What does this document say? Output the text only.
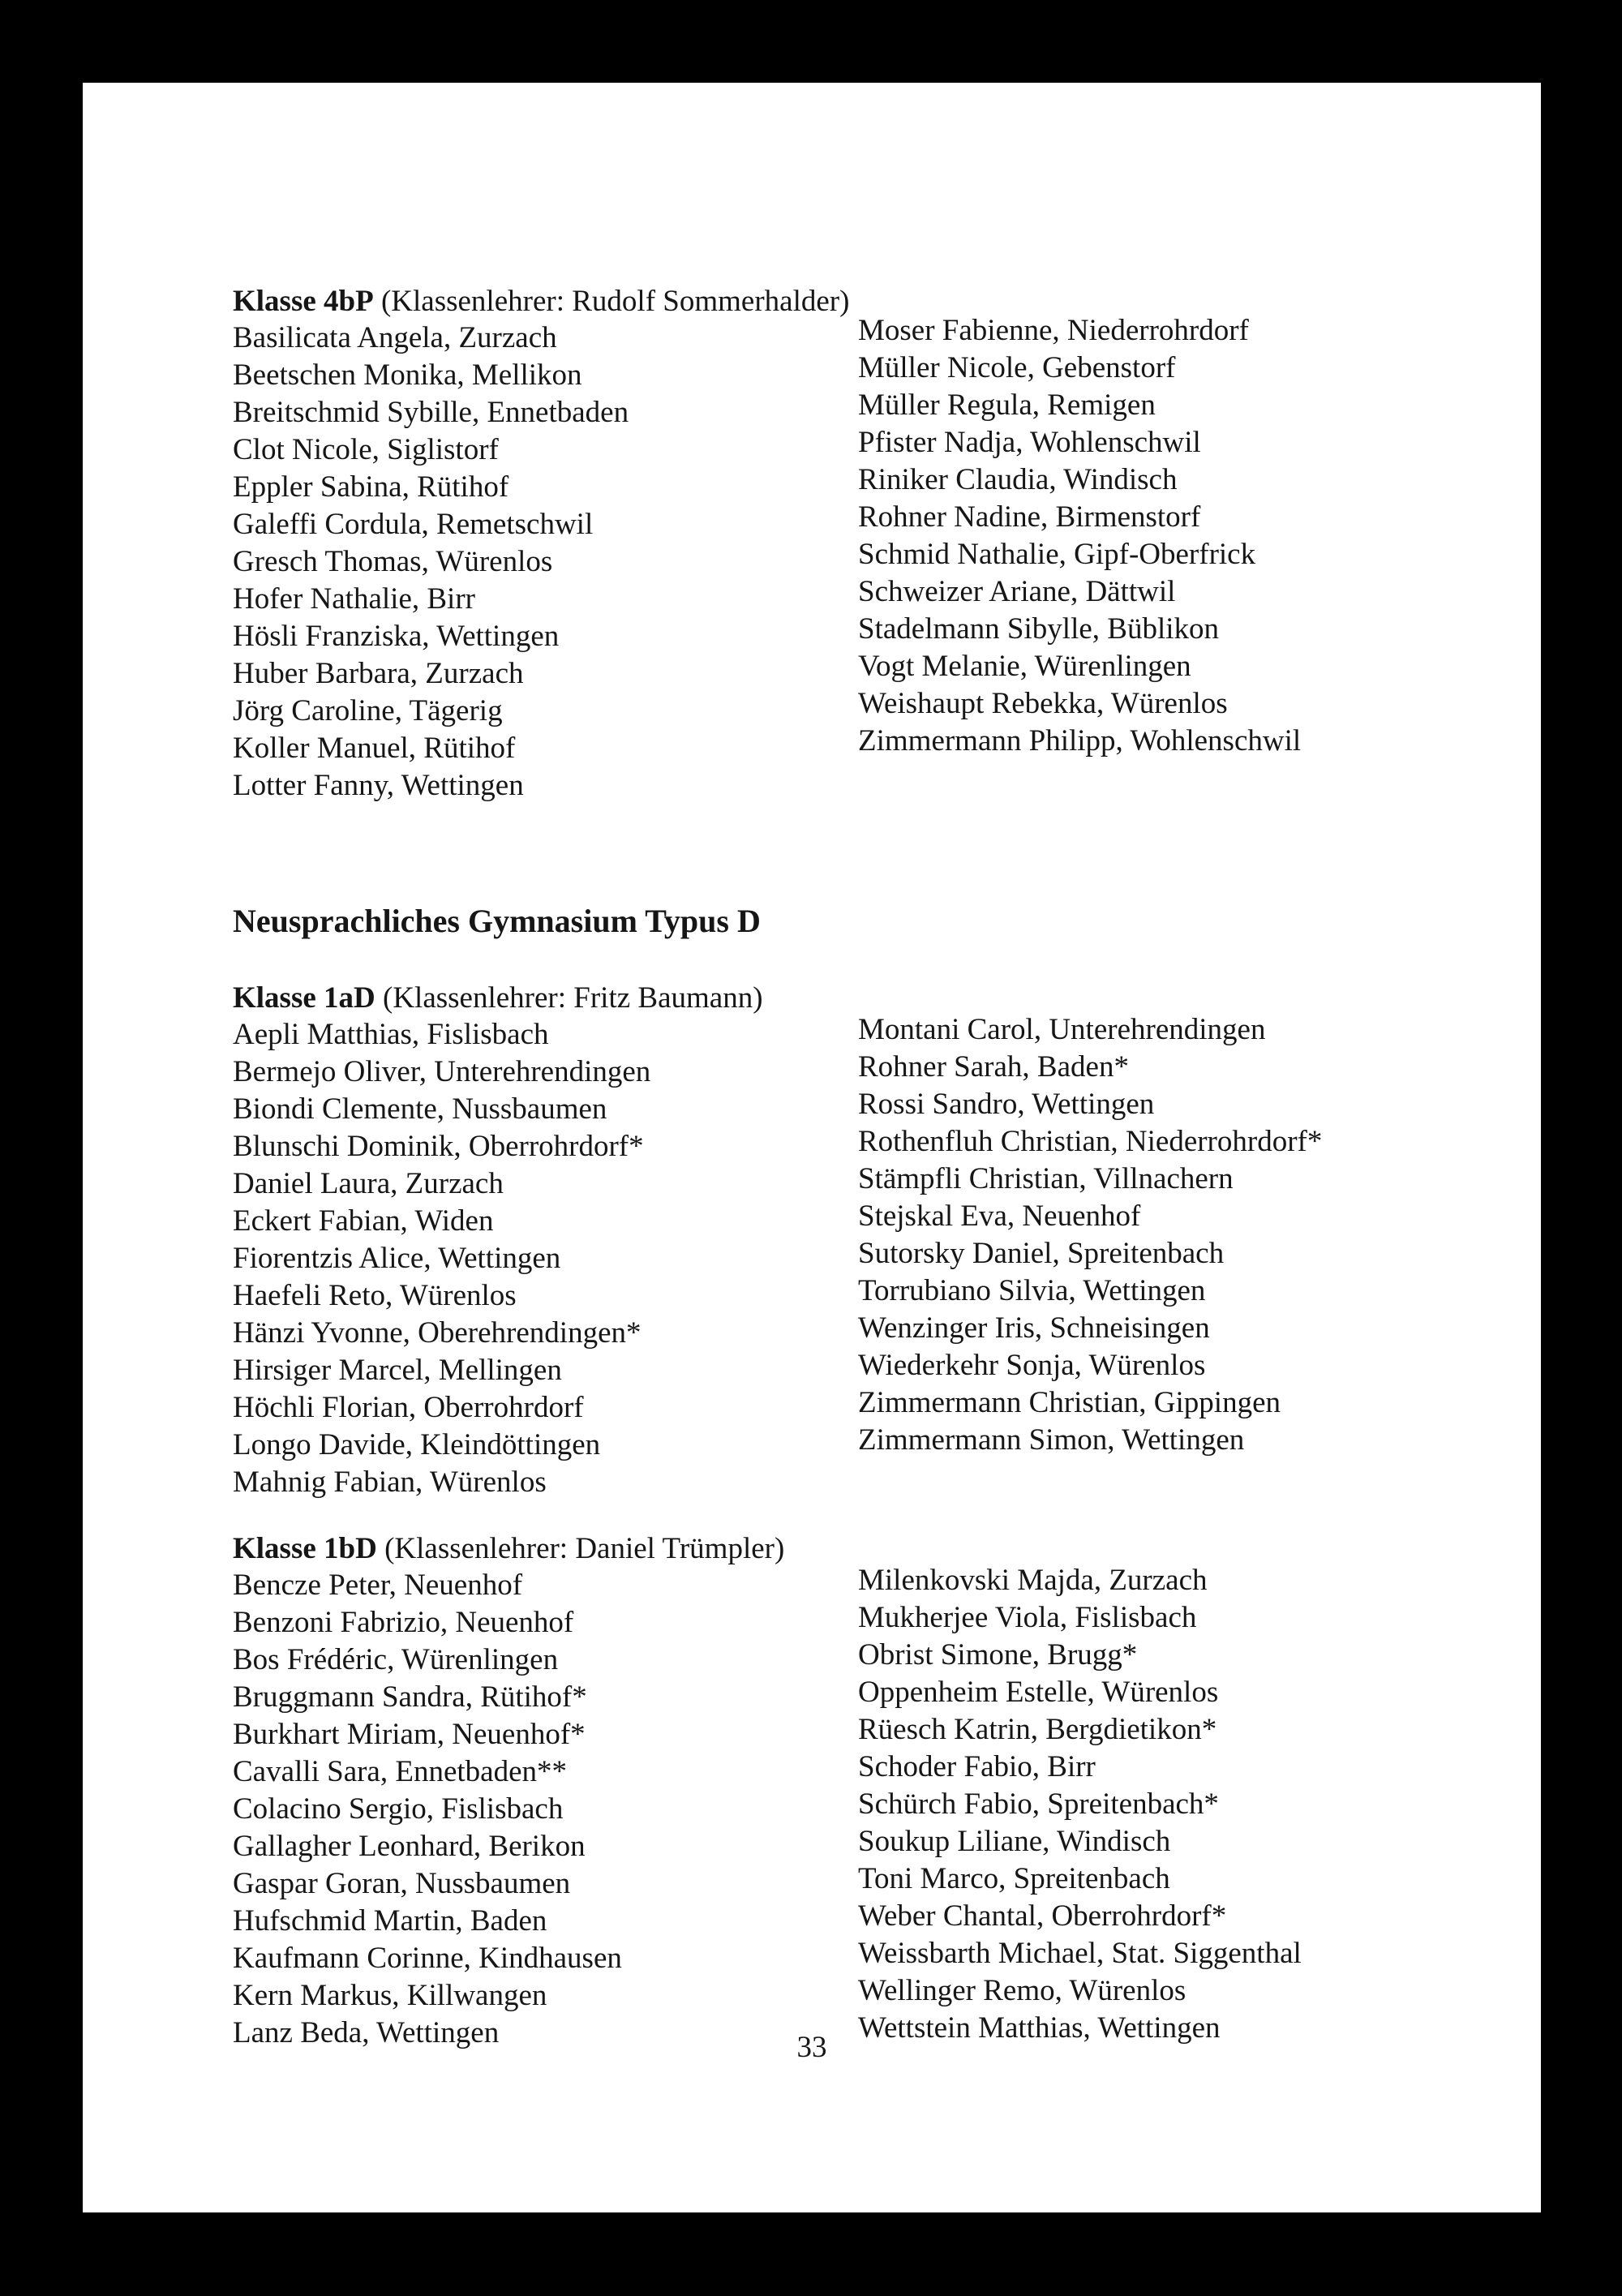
Klasse 4bP (Klassenlehrer: Rudolf Sommerhalder)
Basilicata Angela, Zurzach
Beetschen Monika, Mellikon
Breitschmid Sybille, Ennetbaden
Clot Nicole, Siglistorf
Eppler Sabina, Rütihof
Galeffi Cordula, Remetschwil
Gresch Thomas, Würenlos
Hofer Nathalie, Birr
Hösli Franziska, Wettingen
Huber Barbara, Zurzach
Jörg Caroline, Tägerig
Koller Manuel, Rütihof
Lotter Fanny, Wettingen
Moser Fabienne, Niederrohrdorf
Müller Nicole, Gebenstorf
Müller Regula, Remigen
Pfister Nadja, Wohlenschwil
Riniker Claudia, Windisch
Rohner Nadine, Birmenstorf
Schmid Nathalie, Gipf-Oberfrick
Schweizer Ariane, Dättwil
Stadelmann Sibylle, Büblikon
Vogt Melanie, Würenlingen
Weishaupt Rebekka, Würenlos
Zimmermann Philipp, Wohlenschwil
Neusprachliches Gymnasium Typus D
Klasse 1aD (Klassenlehrer: Fritz Baumann)
Aepli Matthias, Fislisbach
Bermejo Oliver, Unterehrendingen
Biondi Clemente, Nussbaumen
Blunschi Dominik, Oberrohrdorf*
Daniel Laura, Zurzach
Eckert Fabian, Widen
Fiorentzis Alice, Wettingen
Haefeli Reto, Würenlos
Hänzi Yvonne, Oberehrendingen*
Hirsiger Marcel, Mellingen
Höchli Florian, Oberrohrdorf
Longo Davide, Kleindöttingen
Mahnig Fabian, Würenlos
Montani Carol, Unterehrendingen
Rohner Sarah, Baden*
Rossi Sandro, Wettingen
Rothenfluh Christian, Niederrohrdorf*
Stämpfli Christian, Villnachern
Stejskal Eva, Neuenhof
Sutorsky Daniel, Spreitenbach
Torrubiano Silvia, Wettingen
Wenzinger Iris, Schneisingen
Wiederkehr Sonja, Würenlos
Zimmermann Christian, Gippingen
Zimmermann Simon, Wettingen
Klasse 1bD (Klassenlehrer: Daniel Trümpler)
Bencze Peter, Neuenhof
Benzoni Fabrizio, Neuenhof
Bos Frédéric, Würenlingen
Bruggmann Sandra, Rütihof*
Burkhart Miriam, Neuenhof*
Cavalli Sara, Ennetbaden**
Colacino Sergio, Fislisbach
Gallagher Leonhard, Berikon
Gaspar Goran, Nussbaumen
Hufschmid Martin, Baden
Kaufmann Corinne, Kindhausen
Kern Markus, Killwangen
Lanz Beda, Wettingen
Milenkovski Majda, Zurzach
Mukherjee Viola, Fislisbach
Obrist Simone, Brugg*
Oppenheim Estelle, Würenlos
Rüesch Katrin, Bergdietikon*
Schoder Fabio, Birr
Schürch Fabio, Spreitenbach*
Soukup Liliane, Windisch
Toni Marco, Spreitenbach
Weber Chantal, Oberrohrdorf*
Weissbarth Michael, Stat. Siggenthal
Wellinger Remo, Würenlos
Wettstein Matthias, Wettingen
33
